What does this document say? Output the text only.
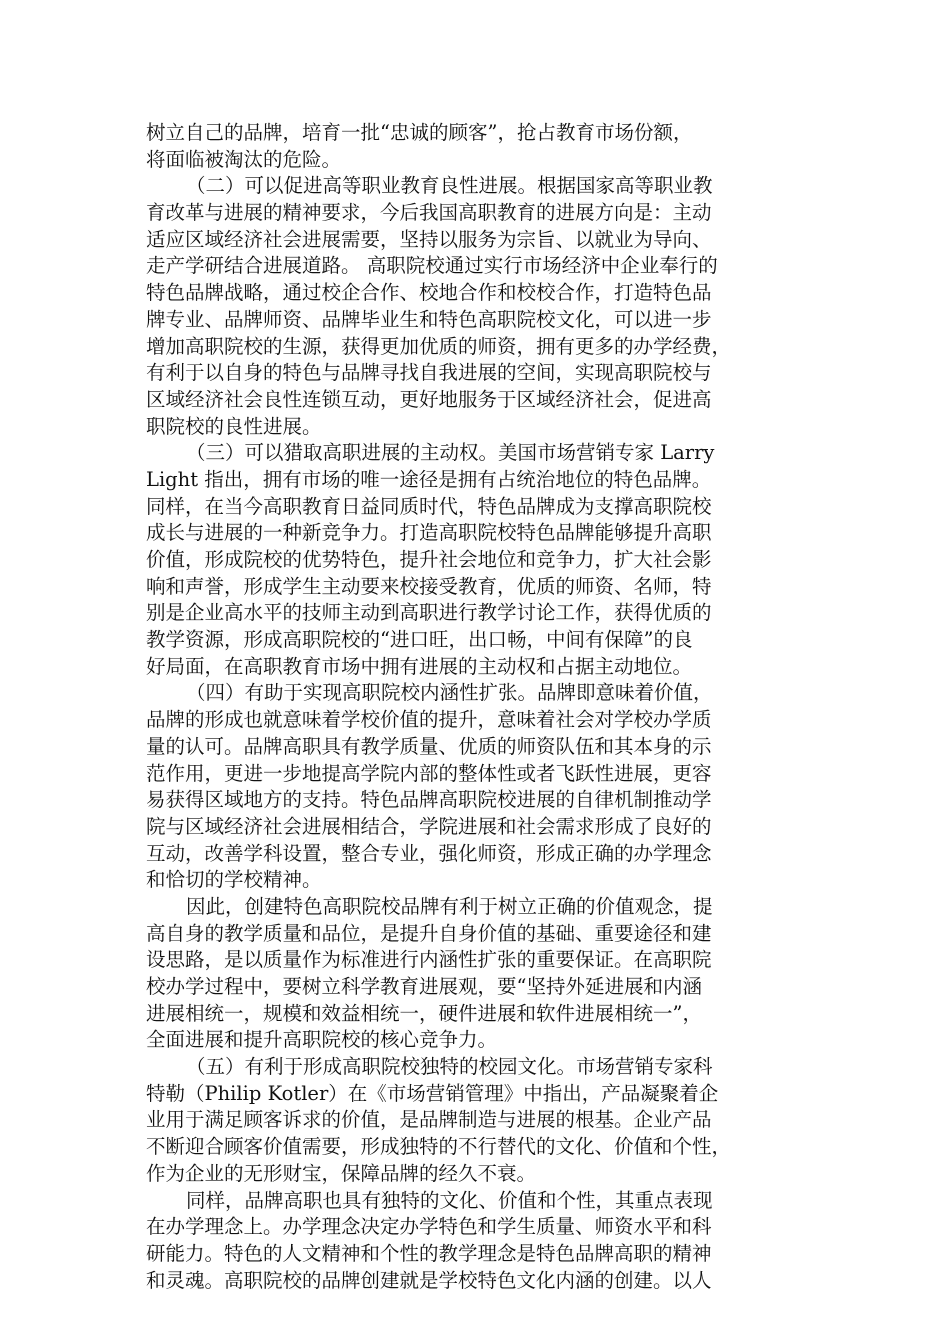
树立自己的品牌，培育一批“忠诚的顾客”，抢占教育市场份额，
将面临被淘汰的危险。
（二）可以促进高等职业教育良性进展。根据国家高等职业教
育改革与进展的精神要求，今后我国高职教育的进展方向是：主动
适应区域经济社会进展需要，坚持以服务为宗旨、以就业为导向、
走产学研结合进展道路。 高职院校通过实行市场经济中企业奉行的
特色品牌战略，通过校企合作、校地合作和校校合作，打造特色品
牌专业、品牌师资、品牌毕业生和特色高职院校文化，可以进一步
增加高职院校的生源，获得更加优质的师资，拥有更多的办学经费，
有利于以自身的特色与品牌寻找自我进展的空间，实现高职院校与
区域经济社会良性连锁互动，更好地服务于区域经济社会，促进高
职院校的良性进展。
（三）可以猎取高职进展的主动权。美国市场营销专家 Larry
Light 指出，拥有市场的唯一途径是拥有占统治地位的特色品牌。
同样，在当今高职教育日益同质时代，特色品牌成为支撑高职院校
成长与进展的一种新竞争力。打造高职院校特色品牌能够提升高职
价值，形成院校的优势特色，提升社会地位和竞争力，扩大社会影
响和声誉，形成学生主动要来校接受教育，优质的师资、名师，特
别是企业高水平的技师主动到高职进行教学讨论工作，获得优质的
教学资源，形成高职院校的“进口旺，出口畅，中间有保障”的良
好局面，在高职教育市场中拥有进展的主动权和占据主动地位。
（四）有助于实现高职院校内涵性扩张。品牌即意味着价值，
品牌的形成也就意味着学校价值的提升，意味着社会对学校办学质
量的认可。品牌高职具有教学质量、优质的师资队伍和其本身的示
范作用，更进一步地提高学院内部的整体性或者飞跃性进展，更容
易获得区域地方的支持。特色品牌高职院校进展的自律机制推动学
院与区域经济社会进展相结合，学院进展和社会需求形成了良好的
互动，改善学科设置，整合专业，强化师资，形成正确的办学理念
和恰切的学校精神。
因此，创建特色高职院校品牌有利于树立正确的价值观念，提
高自身的教学质量和品位，是提升自身价值的基础、重要途径和建
设思路，是以质量作为标准进行内涵性扩张的重要保证。在高职院
校办学过程中，要树立科学教育进展观，要“坚持外延进展和内涵
进展相统一，规模和效益相统一，硬件进展和软件进展相统一”，
全面进展和提升高职院校的核心竞争力。
（五）有利于形成高职院校独特的校园文化。市场营销专家科
特勒（Philip Kotler）在《市场营销管理》中指出，产品凝聚着企
业用于满足顾客诉求的价值，是品牌制造与进展的根基。企业产品
不断迎合顾客价值需要，形成独特的不行替代的文化、价值和个性，
作为企业的无形财宝，保障品牌的经久不衰。
同样，品牌高职也具有独特的文化、价值和个性，其重点表现
在办学理念上。办学理念决定办学特色和学生质量、师资水平和科
研能力。特色的人文精神和个性的教学理念是特色品牌高职的精神
和灵魂。高职院校的品牌创建就是学校特色文化内涵的创建。以人
